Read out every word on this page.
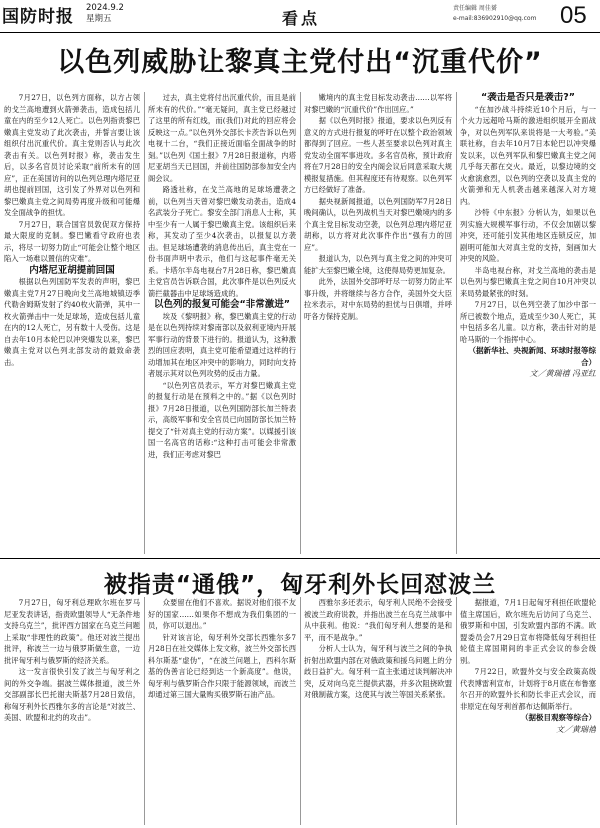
国防时报 2024.9.2
星期五	看点
责任编辑 周佳赟
e-mail:836902910@qq.com 05
以色列威胁让黎真主党付出“沉重代价”

7月27日，以色列方面称，以方占领的戈兰高地遭到火箭弹袭击，造成包括儿童在内的至少12人死亡。以色列指责黎巴嫩真主党发动了此次袭击，并誓言要让该组织付出沉重代价。真主党则否认与此次袭击有关。以色列时报》称，袭击发生后，以多名官员讨论采取“前所未有的回应”，正在美国访问的以色列总理内塔尼亚胡也提前回国，这引发了外界对以色列和黎巴嫩真主党之间局势再度升级和可能爆发全面战争的担忧。

7月27日，联合国官员敦促双方保持最大限度的克制。黎巴嫩看守政府也表示，将尽一切努力防止“可能会让整个地区陷入一场难以置信的灾难”。

内塔尼亚胡提前回国

根据以色列国防军发表的声明，黎巴嫩真主党7月27日晚向戈兰高地城镇迈季代勒舍姆斯发射了约40枚火箭弹，其中一枚火箭弹击中一处足球场，造成包括儿童在内的12人死亡，另有数十人受伤。这是自去年10月本轮巴以冲突爆发以来，黎巴嫩真主党对以色列北部发动的最致命袭击。

过去，真主党将付出沉重代价，而且是前所未有的代价。”“毫无疑问，真主党已经越过了这里的所有红线，而(我们)对此的回应将会反映这一点。”以色列外交部长卡茨告诉以色列电视十二台，“我们正接近面临全面战争的时刻。”以色列《国土报》7月28日报道称，内塔尼亚胡当天已回国，并前往国防部参加安全内阁会议。

路透社称，在戈兰高地的足球场遭袭之前，以色列当天曾对黎巴嫩发动袭击，造成4名武装分子死亡。黎安全部门消息人士称，其中至少有一人属于黎巴嫩真主党。该组织后来称，其发动了至少4次袭击，以报复以方袭击。但足球场遭袭的消息传出后，真主党在一份书面声明中表示，他们与这起事件毫无关系。卡塔尔半岛电视台7月28日称，黎巴嫩真主党官员告诉联合国，此次事件是以色列反火箭拦截器击中足球场造成的。

以色列的报复可能会“非常激进”

埃及《黎明报》称，黎巴嫩真主党的行动是在以色列持续对黎南部以及叙利亚境内开展军事行动的背景下进行的。报道认为，这种激烈的回应表明，真主党可能希望通过这样的行动增加其在地区冲突中的影响力，同时向支持者展示其对以色列攻势的反击力量。

“以色列官员表示，军方对黎巴嫩真主党的报复行动是在预料之中的。”据《以色列时报》7月28日报道，以色列国防部长加兰特表示，高级军事和安全官员已向国防部长加兰特提交了“针对真主党的行动方案”。以媒援引该国一名高官的话称:“这种打击可能会非常激进，我们正考虑对黎巴

嫩境内的真主党目标发动袭击……以军将对黎巴嫩的“沉重代价”作出回应。”

据《以色列时报》报道，要求以色列反有意义的方式进行报复的呼吁在以整个政治领域都得到了回应。一些人甚至要求以色列对真主党发动全面军事进攻。多名官员称，预计政府将在7月28日的安全内阁会议后同意采取大规模报复措施。但其程度还有待观察。以色列军方已经做好了准备。

据央视新闻报道，以色列国防军7月28日晚间确认，以色列战机当天对黎巴嫩境内的多个真主党目标发动空袭，以色列总理内塔尼亚胡称，以方将对此次事件作出“强有力的回应”。

报道认为，以色列与真主党之间的冲突可能扩大至黎巴嫩全境，这使得局势更加复杂。

此外，法国外交部呼吁尽一切努力防止军事升级，并将继续与各方合作，美国外交大臣拉米表示，对中东局势的担忧与日俱增，并呼吁各方保持克制。

“袭击是否只是袭击?”

“在加沙战斗持续近10个月后，与一个火力远超哈马斯的激进组织展开全面战争，对以色列军队来说将是一大考验。”美联社称，自去年10月7日本轮巴以冲突爆发以来，以色列军队和黎巴嫩真主党之间几乎每天都在交火。最近，以黎边境的交火愈演愈烈，以色列的空袭以及真主党的火箭弹和无人机袭击越来越深入对方境内。

沙特《中东报》分析认为，如果以色列实施大规模军事行动，不仅会加剧以黎冲突，还可能引发其他地区连锁反应，加剧明可能加大对真主党的支持，刻画加大冲突的风险。

半岛电视台称，对戈兰高地的袭击是以色列与黎巴嫩真主党之间自10月冲突以来局势最紧张的时刻。

7月27日，以色列空袭了加沙中部一所已被数个地点，造成至少30人死亡，其中包括多名儿童。以方称，袭击针对的是哈马斯的一个指挥中心。

（据新华社、央视新闻、环球时报等综合）

文／黄瑞禧 冯亚红

被指责“通俄”，匈牙利外长回怼波兰

7月27日，匈牙利总理欧尔班在罗马尼亚发表讲话，指责欧盟领导人“无条件地支持乌克兰”，批评西方国家在乌克兰问题上采取“非理性的政策”。他还对波兰提出批评，称波兰一边与俄罗斯做生意，一边批评匈牙利与俄罗斯的经济关系。

这一发言很快引发了波兰与匈牙利之间的外交争端。据波兰媒体报道，波兰外交部副部长巴托谢夫斯基7月28日致信，称匈牙利外长西雅尔多的言论是“对波兰、美国、欧盟和北约的攻击”。

众要留在他们不喜欢。据说对他们很不友好的国家……如果你不想成为我们集团的一员，你可以退出。”

针对该言论，匈牙利外交部长西雅尔多7月28日在社交媒体上发文称，波兰外交部长西科尔斯基“虚伪”，“在波兰问题上，西科尔斯基的伪善言论已经到达一个新高度”。他说，匈牙利与俄罗斯合作只限于能源领域，而波兰却通过第三国大量购买俄罗斯石油产品。

西雅尔多还表示，匈牙利人民绝不会接受被波兰政府说教，并指出波兰在乌克兰战事中从中获利。他说：“我们匈牙利人想要的是和平，而不是战争。”

分析人士认为，匈牙利与波兰之间的争执折射出欧盟内部在对俄政策和援乌问题上的分歧日益扩大。匈牙利一直主张通过谈判解决冲突，反对向乌克兰提供武器，并多次阻挠欧盟对俄制裁方案，这使其与波兰等国关系紧张。

据报道，7月1日起匈牙利担任欧盟轮值主席国后，欧尔班先后访问了乌克兰、俄罗斯和中国，引发欧盟内部的不满。欧盟委员会7月29日宣布将降低匈牙利担任轮值主席国期间的非正式会议的参会级别。

7月22日，欧盟外交与安全政策高级代表博雷利宣布，计划将于8月底在布鲁塞尔召开的欧盟外长和防长非正式会议，而非原定在匈牙利首都布达佩斯举行。

（据极目观察等综合）

文／黄瑞禧
